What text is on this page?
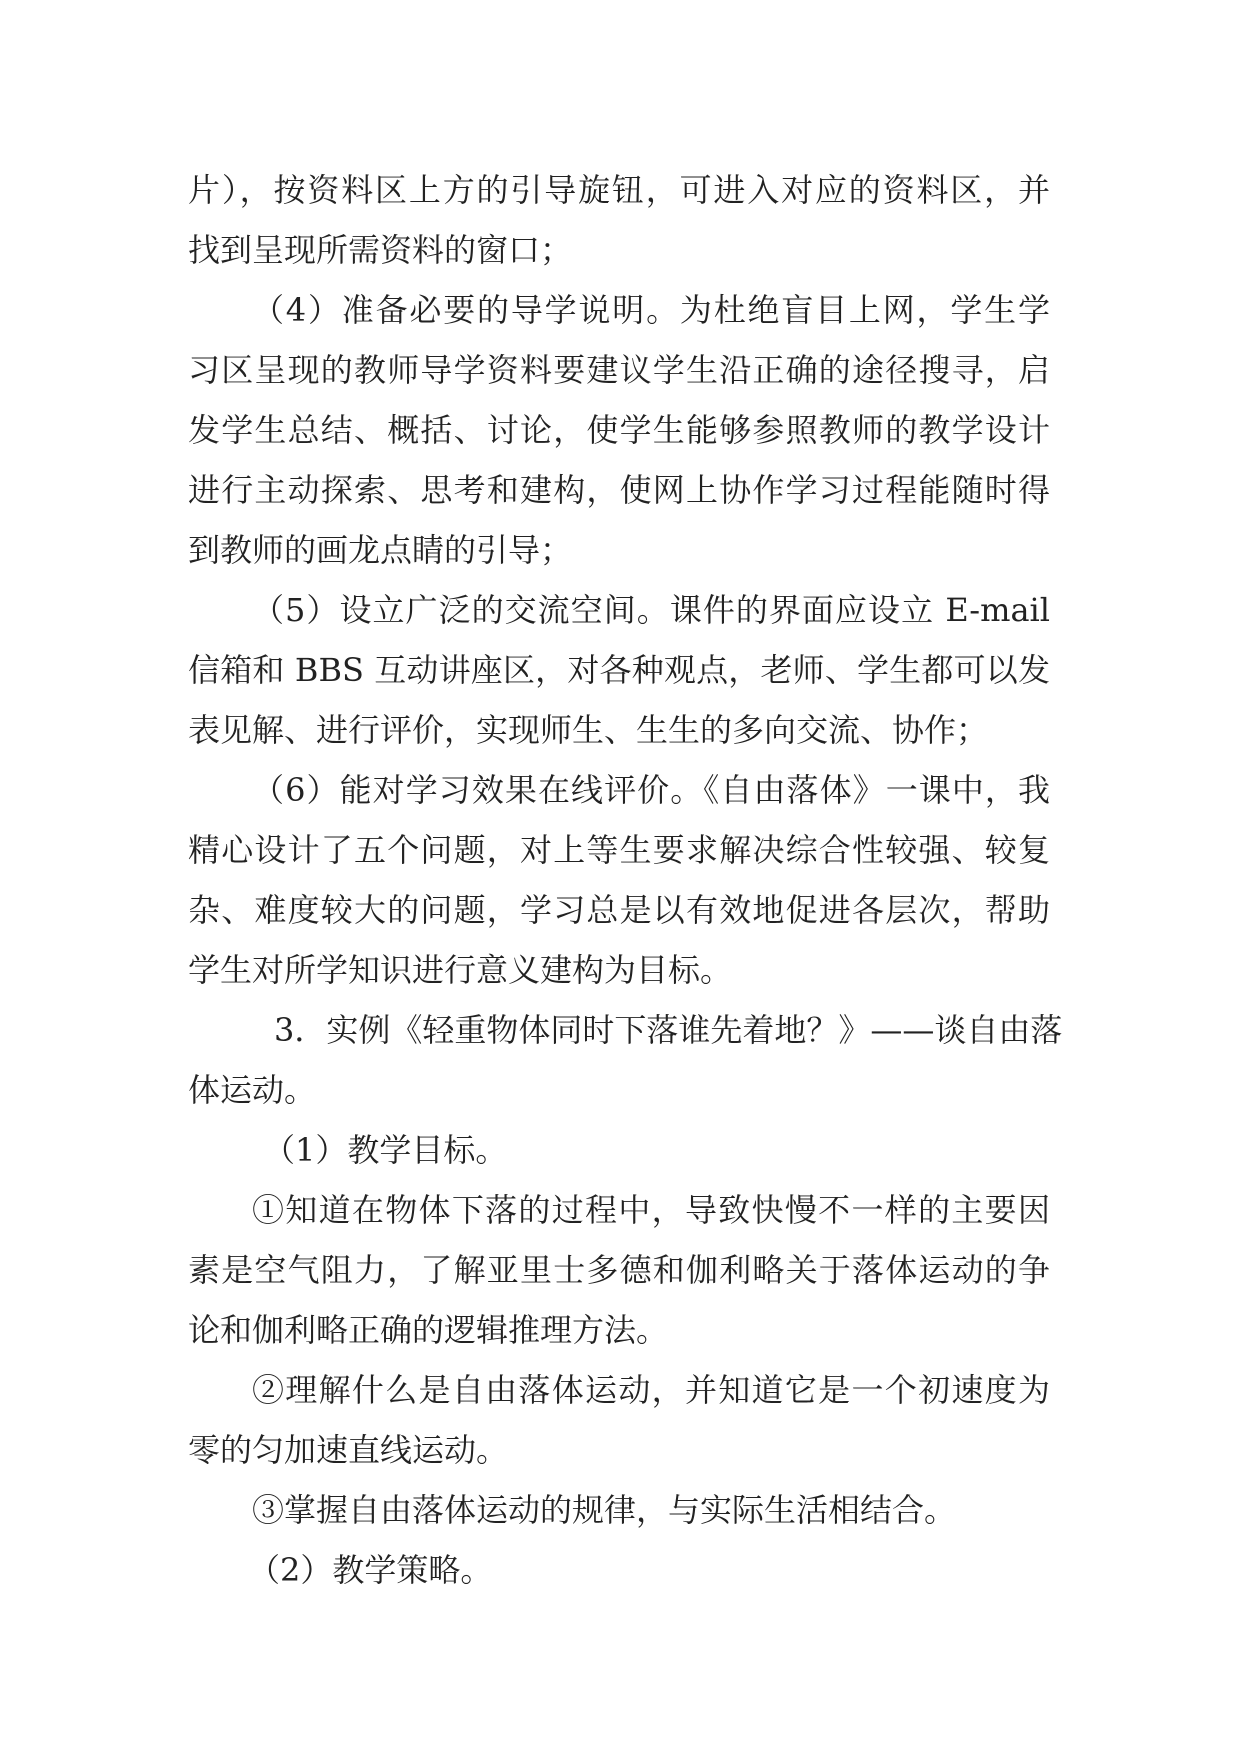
片），按资料区上方的引导旋钮，可进入对应的资料区，并
找到呈现所需资料的窗口；
（4）准备必要的导学说明。为杜绝盲目上网，学生学
习区呈现的教师导学资料要建议学生沿正确的途径搜寻，启
发学生总结、概括、讨论，使学生能够参照教师的教学设计
进行主动探索、思考和建构，使网上协作学习过程能随时得
到教师的画龙点睛的引导；
（5）设立广泛的交流空间。课件的界面应设立 E-mail
信箱和 BBS 互动讲座区，对各种观点，老师、学生都可以发
表见解、进行评价，实现师生、生生的多向交流、协作；
（6）能对学习效果在线评价。《自由落体》一课中，我
精心设计了五个问题，对上等生要求解决综合性较强、较复
杂、难度较大的问题，学习总是以有效地促进各层次，帮助
学生对所学知识进行意义建构为目标。
3．实例《轻重物体同时下落谁先着地？》——谈自由落
体运动。
（1）教学目标。
①知道在物体下落的过程中，导致快慢不一样的主要因
素是空气阻力，了解亚里士多德和伽利略关于落体运动的争
论和伽利略正确的逻辑推理方法。
②理解什么是自由落体运动，并知道它是一个初速度为
零的匀加速直线运动。
③掌握自由落体运动的规律，与实际生活相结合。
（2）教学策略。
